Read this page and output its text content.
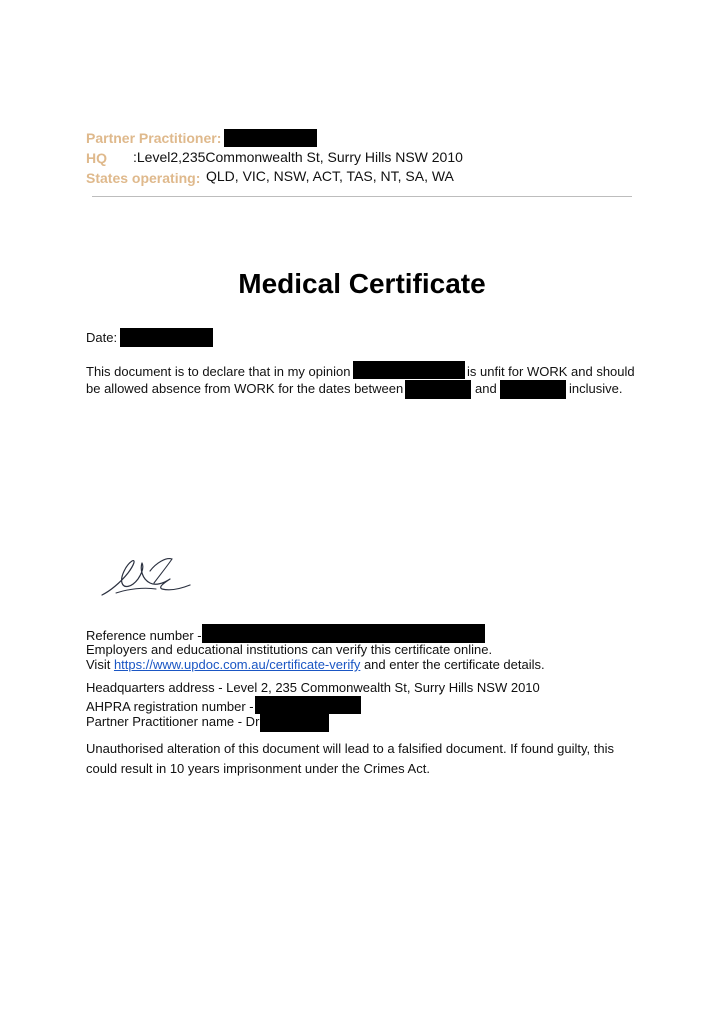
Partner Practitioner:
HQ :Level2,235Commonwealth St, Surry Hills NSW 2010
States operating: QLD, VIC, NSW, ACT, TAS, NT, SA, WA
Medical Certificate
Date:
This document is to declare that in my opinion	is unfit for WORK and should
be allowed absence from WORK for the dates between	and	inclusive.
Reference number -
Employers and educational institutions can verify this certificate online.
Visit https://www.updoc.com.au/certificate-verify and enter the certificate details.
Headquarters address - Level 2, 235 Commonwealth St, Surry Hills NSW 2010
AHPRA registration number -
Partner Practitioner name - Dr
Unauthorised alteration of this document will lead to a falsified document. If found guilty, this
could result in 10 years imprisonment under the Crimes Act.
